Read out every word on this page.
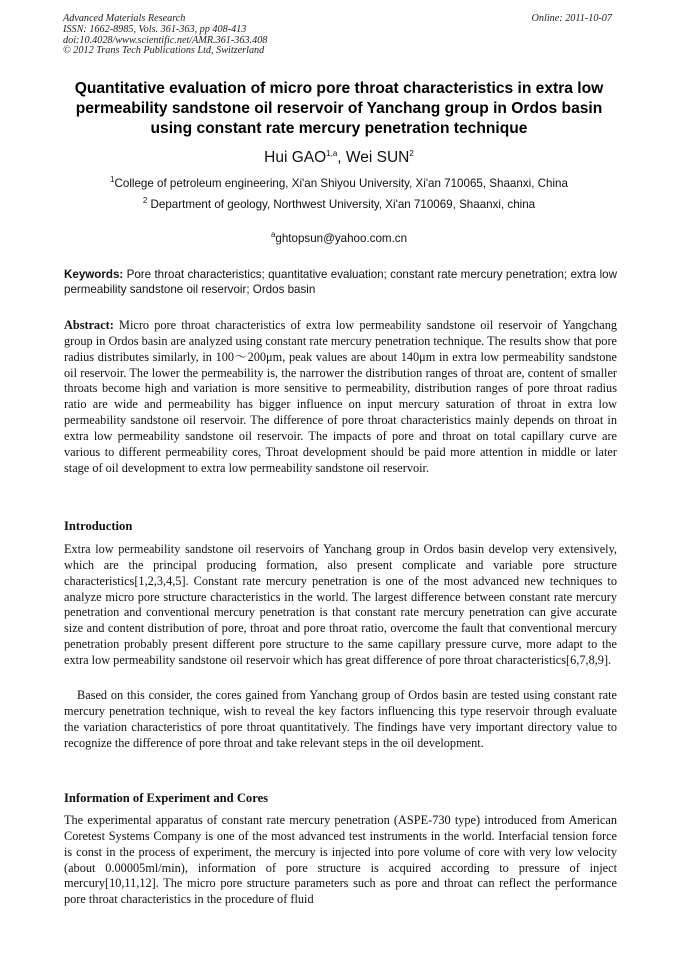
Advanced Materials Research
ISSN: 1662-8985, Vols. 361-363, pp 408-413
doi:10.4028/www.scientific.net/AMR.361-363.408
© 2012 Trans Tech Publications Ltd, Switzerland
Online: 2011-10-07
Quantitative evaluation of micro pore throat characteristics in extra low permeability sandstone oil reservoir of Yanchang group in Ordos basin using constant rate mercury penetration technique
Hui GAO$^{1,a}$, Wei SUN$^2$
$^1$College of petroleum engineering, Xi'an Shiyou University, Xi'an 710065, Shaanxi, China
$^2$ Department of geology, Northwest University, Xi'an 710069, Shaanxi, china
$^a$ghtopsun@yahoo.com.cn
Keywords: Pore throat characteristics; quantitative evaluation; constant rate mercury penetration; extra low permeability sandstone oil reservoir; Ordos basin
Abstract: Micro pore throat characteristics of extra low permeability sandstone oil reservoir of Yangchang group in Ordos basin are analyzed using constant rate mercury penetration technique. The results show that pore radius distributes similarly, in 100～200μm, peak values are about 140μm in extra low permeability sandstone oil reservoir. The lower the permeability is, the narrower the distribution ranges of throat are, content of smaller throats become high and variation is more sensitive to permeability, distribution ranges of pore throat radius ratio are wide and permeability has bigger influence on input mercury saturation of throat in extra low permeability sandstone oil reservoir. The difference of pore throat characteristics mainly depends on throat in extra low permeability sandstone oil reservoir. The impacts of pore and throat on total capillary curve are various to different permeability cores, Throat development should be paid more attention in middle or later stage of oil development to extra low permeability sandstone oil reservoir.
Introduction
Extra low permeability sandstone oil reservoirs of Yanchang group in Ordos basin develop very extensively, which are the principal producing formation, also present complicate and variable pore structure characteristics[1,2,3,4,5]. Constant rate mercury penetration is one of the most advanced new techniques to analyze micro pore structure characteristics in the world. The largest difference between constant rate mercury penetration and conventional mercury penetration is that constant rate mercury penetration can give accurate size and content distribution of pore, throat and pore throat ratio, overcome the fault that conventional mercury penetration probably present different pore structure to the same capillary pressure curve, more adapt to the extra low permeability sandstone oil reservoir which has great difference of pore throat characteristics[6,7,8,9].
Based on this consider, the cores gained from Yanchang group of Ordos basin are tested using constant rate mercury penetration technique, wish to reveal the key factors influencing this type reservoir through evaluate the variation characteristics of pore throat quantitatively. The findings have very important directory value to recognize the difference of pore throat and take relevant steps in the oil development.
Information of Experiment and Cores
The experimental apparatus of constant rate mercury penetration (ASPE-730 type) introduced from American Coretest Systems Company is one of the most advanced test instruments in the world. Interfacial tension force is const in the process of experiment, the mercury is injected into pore volume of core with very low velocity (about 0.00005ml/min), information of pore structure is acquired according to pressure of inject mercury[10,11,12]. The micro pore structure parameters such as pore and throat can reflect the performance pore throat characteristics in the procedure of fluid
